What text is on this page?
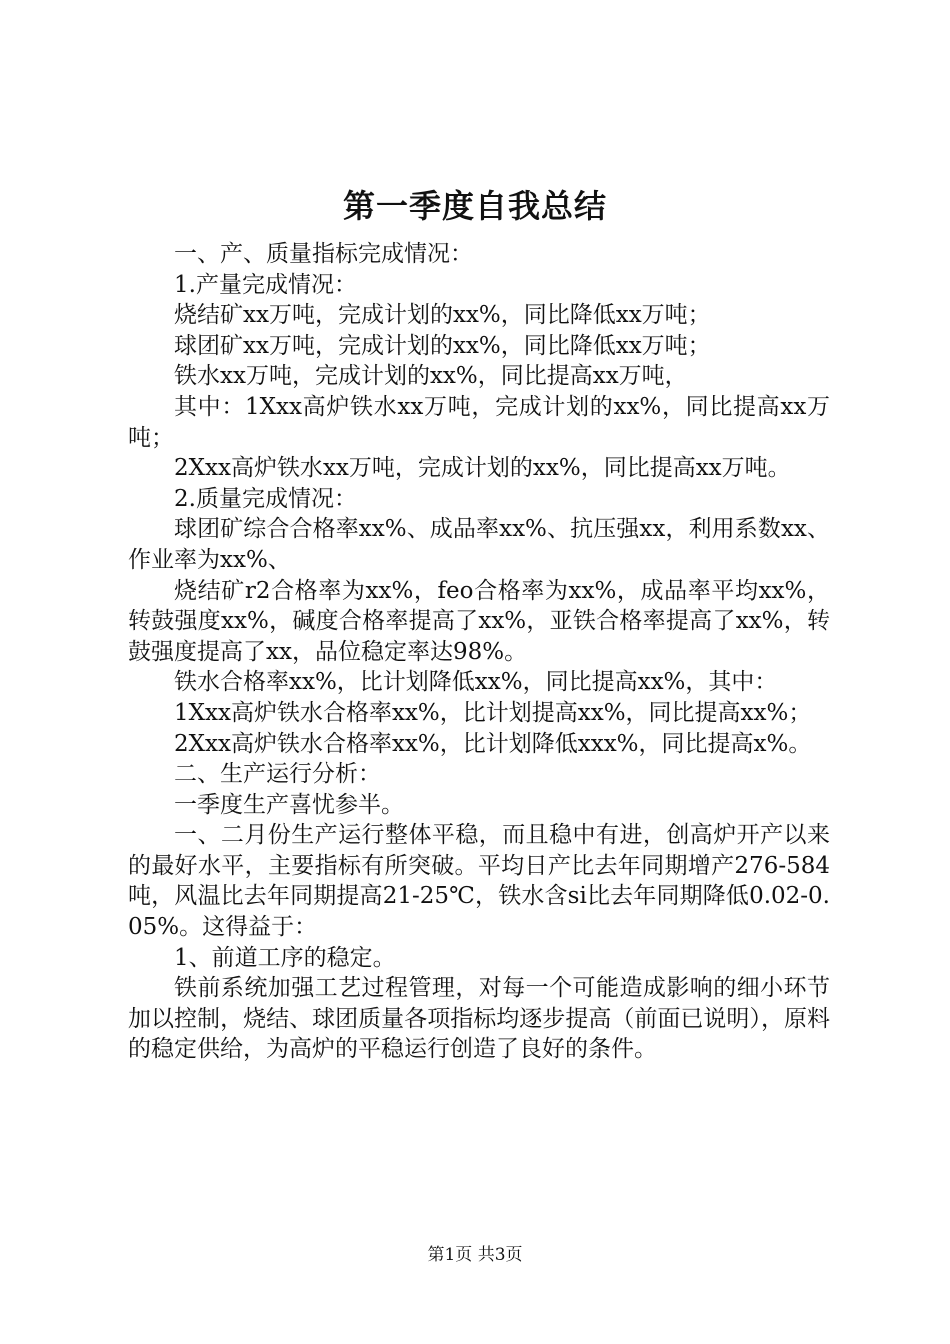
第一季度自我总结

一、产、质量指标完成情况：

1.产量完成情况：

烧结矿xx万吨，完成计划的xx%，同比降低xx万吨；

球团矿xx万吨，完成计划的xx%，同比降低xx万吨；

铁水xx万吨，完成计划的xx%，同比提高xx万吨，

其中：1Xxx高炉铁水xx万吨，完成计划的xx%，同比提高xx万吨；

2Xxx高炉铁水xx万吨，完成计划的xx%，同比提高xx万吨。

2.质量完成情况：

球团矿综合合格率xx%、成品率xx%、抗压强xx，利用系数xx、作业率为xx%、

烧结矿r2合格率为xx%，feo合格率为xx%，成品率平均xx%，转鼓强度xx%，碱度合格率提高了xx%，亚铁合格率提高了xx%，转鼓强度提高了xx，品位稳定率达98%。

铁水合格率xx%，比计划降低xx%，同比提高xx%，其中：

1Xxx高炉铁水合格率xx%，比计划提高xx%，同比提高xx%；

2Xxx高炉铁水合格率xx%，比计划降低xxx%，同比提高x%。

二、生产运行分析：

一季度生产喜忧参半。

一、二月份生产运行整体平稳，而且稳中有进，创高炉开产以来的最好水平，主要指标有所突破。平均日产比去年同期增产276-584吨，风温比去年同期提高21-25℃，铁水含si比去年同期降低0.02-0.05%。这得益于：

1、前道工序的稳定。

铁前系统加强工艺过程管理，对每一个可能造成影响的细小环节加以控制，烧结、球团质量各项指标均逐步提高（前面已说明），原料的稳定供给，为高炉的平稳运行创造了良好的条件。

第1页 共3页
